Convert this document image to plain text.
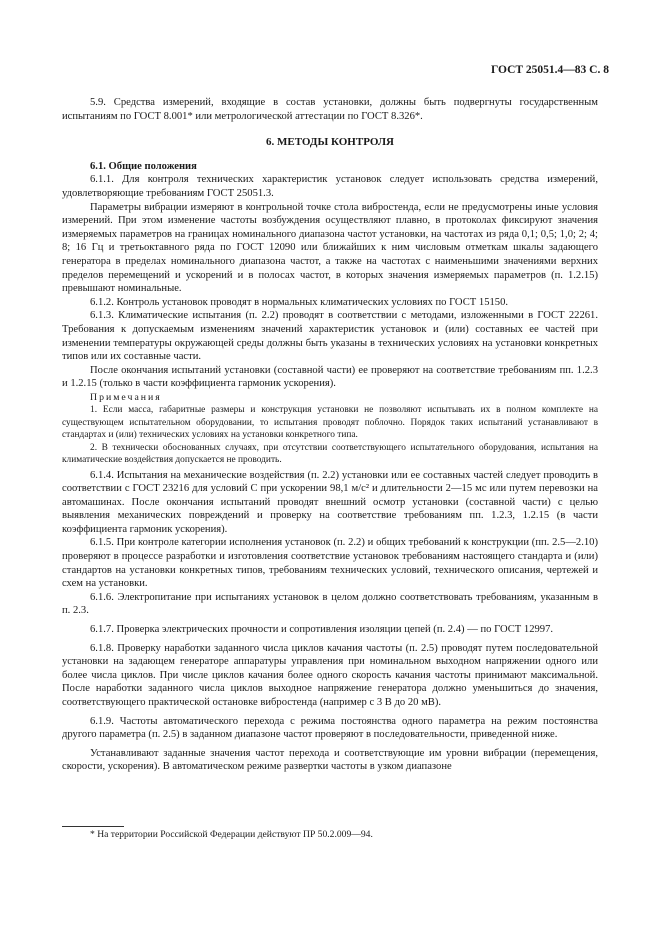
ГОСТ 25051.4—83 С. 8

5.9. Средства измерений, входящие в состав установки, должны быть подвергнуты государственным испытаниям по ГОСТ 8.001* или метрологической аттестации по ГОСТ 8.326*.

6. МЕТОДЫ КОНТРОЛЯ

6.1. Общие положения

6.1.1. Для контроля технических характеристик установок следует использовать средства измерений, удовлетворяющие требованиям ГОСТ 25051.3.

Параметры вибрации измеряют в контрольной точке стола вибростенда, если не предусмотрены иные условия измерений. При этом изменение частоты возбуждения осуществляют плавно, в протоколах фиксируют значения измеряемых параметров на границах номинального диапазона частот установки, на частотах из ряда 0,1; 0,5; 1,0; 2; 4; 8; 16 Гц и третьоктавного ряда по ГОСТ 12090 или ближайших к ним числовым отметкам шкалы задающего генератора в пределах номинального диапазона частот, а также на частотах с наименьшими значениями верхних пределов перемещений и ускорений и в полосах частот, в которых значения измеряемых параметров (п. 1.2.15) превышают номинальные.

6.1.2. Контроль установок проводят в нормальных климатических условиях по ГОСТ 15150.

6.1.3. Климатические испытания (п. 2.2) проводят в соответствии с методами, изложенными в ГОСТ 22261. Требования к допускаемым изменениям значений характеристик установок и (или) составных ее частей при изменении температуры окружающей среды должны быть указаны в технических условиях на установки конкретных типов или их составные части.

После окончания испытаний установки (составной части) ее проверяют на соответствие требованиям пп. 1.2.3 и 1.2.15 (только в части коэффициента гармоник ускорения).

Примечания

1. Если масса, габаритные размеры и конструкция установки не позволяют испытывать их в полном комплекте на существующем испытательном оборудовании, то испытания проводят поблочно. Порядок таких испытаний устанавливают в стандартах и (или) технических условиях на установки конкретного типа.

2. В технически обоснованных случаях, при отсутствии соответствующего испытательного оборудования, испытания на климатические воздействия допускается не проводить.

6.1.4. Испытания на механические воздействия (п. 2.2) установки или ее составных частей следует проводить в соответствии с ГОСТ 23216 для условий С при ускорении 98,1 м/с² и длительности 2—15 мс или путем перевозки на автомашинах. После окончания испытаний проводят внешний осмотр установки (составной части) с целью выявления механических повреждений и проверку на соответствие требованиям пп. 1.2.3, 1.2.15 (в части коэффициента гармоник ускорения).

6.1.5. При контроле категории исполнения установок (п. 2.2) и общих требований к конструкции (пп. 2.5—2.10) проверяют в процессе разработки и изготовления соответствие установок требованиям настоящего стандарта и (или) стандартов на установки конкретных типов, требованиям технических условий, технического описания, чертежей и схем на установки.

6.1.6. Электропитание при испытаниях установок в целом должно соответствовать требованиям, указанным в п. 2.3.

6.1.7. Проверка электрических прочности и сопротивления изоляции цепей (п. 2.4) — по ГОСТ 12997.

6.1.8. Проверку наработки заданного числа циклов качания частоты (п. 2.5) проводят путем последовательной установки на задающем генераторе аппаратуры управления при номинальном выходном напряжении одного или более числа циклов. При числе циклов качания более одного скорость качания частоты принимают максимальной. После наработки заданного числа циклов выходное напряжение генератора должно уменьшиться до значения, соответствующего практической остановке вибростенда (например с 3 В до 20 мВ).

6.1.9. Частоты автоматического перехода с режима постоянства одного параметра на режим постоянства другого параметра (п. 2.5) в заданном диапазоне частот проверяют в последовательности, приведенной ниже.

Устанавливают заданные значения частот перехода и соответствующие им уровни вибрации (перемещения, скорости, ускорения). В автоматическом режиме развертки частоты в узком диапазоне

* На территории Российской Федерации действуют ПР 50.2.009—94.
